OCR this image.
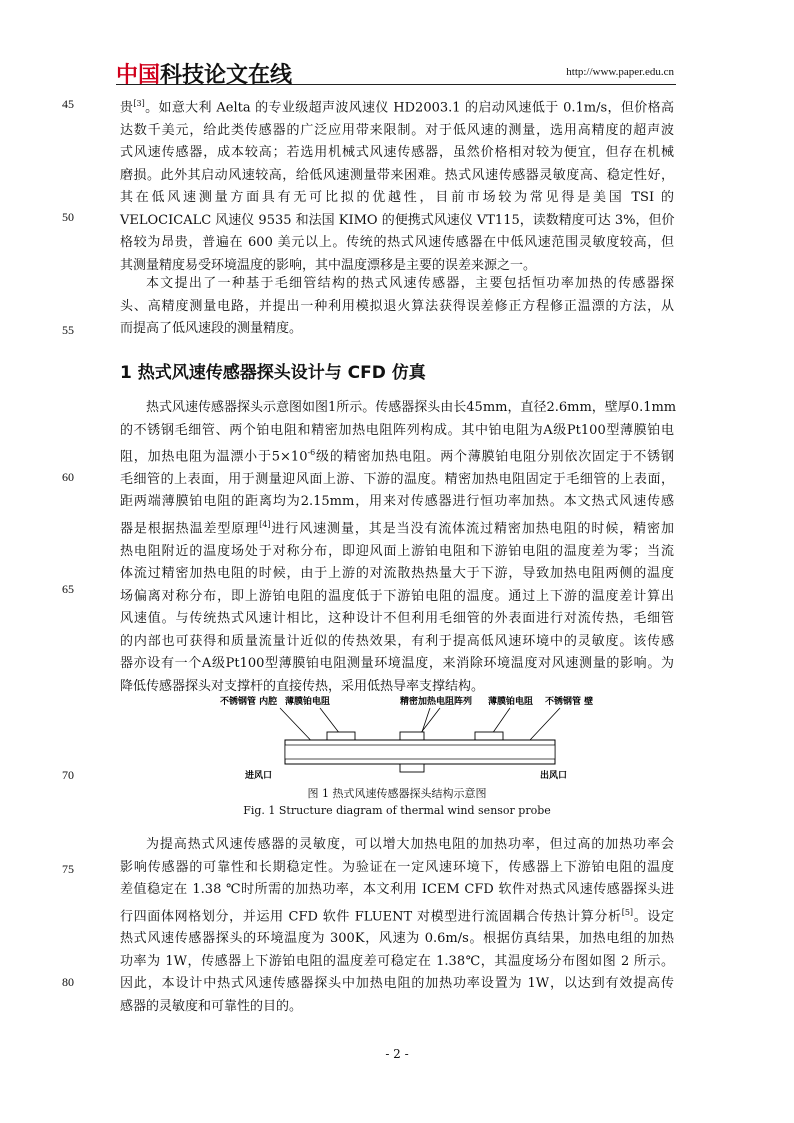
中国科技论文在线	http://www.paper.edu.cn
45
50
55
60
65
70
75
80
贵[3]。如意大利 Aelta 的专业级超声波风速仪 HD2003.1 的启动风速低于 0.1m/s，但价格高
达数千美元，给此类传感器的广泛应用带来限制。对于低风速的测量，选用高精度的超声波
式风速传感器，成本较高；若选用机械式风速传感器，虽然价格相对较为便宜，但存在机械
磨损。此外其启动风速较高，给低风速测量带来困难。热式风速传感器灵敏度高、稳定性好，
其在低风速测量方面具有无可比拟的优越性，目前市场较为常见得是美国 TSI 的
VELOCICALC 风速仪 9535 和法国 KIMO 的便携式风速仪 VT115，读数精度可达 3%，但价
格较为昂贵，普遍在 600 美元以上。传统的热式风速传感器在中低风速范围灵敏度较高，但
其测量精度易受环境温度的影响，其中温度漂移是主要的误差来源之一。
本文提出了一种基于毛细管结构的热式风速传感器，主要包括恒功率加热的传感器探
头、高精度测量电路，并提出一种利用模拟退火算法获得误差修正方程修正温漂的方法，从
而提高了低风速段的测量精度。
1 热式风速传感器探头设计与 CFD 仿真
热式风速传感器探头示意图如图1所示。传感器探头由长45mm，直径2.6mm，壁厚0.1mm
的不锈钢毛细管、两个铂电阻和精密加热电阻阵列构成。其中铂电阻为A级Pt100型薄膜铂电
阻，加热电阻为温漂小于$5\times 10^{-6}$级的精密加热电阻。两个薄膜铂电阻分别依次固定于不锈钢
毛细管的上表面，用于测量迎风面上游、下游的温度。精密加热电阻固定于毛细管的上表面，
距两端薄膜铂电阻的距离均为2.15mm，用来对传感器进行恒功率加热。本文热式风速传感
器是根据热温差型原理[4]进行风速测量，其是当没有流体流过精密加热电阻的时候，精密加
热电阻附近的温度场处于对称分布，即迎风面上游铂电阻和下游铂电阻的温度差为零；当流
体流过精密加热电阻的时候，由于上游的对流散热热量大于下游，导致加热电阻两侧的温度
场偏离对称分布，即上游铂电阻的温度低于下游铂电阻的温度。通过上下游的温度差计算出
风速值。与传统热式风速计相比，这种设计不但利用毛细管的外表面进行对流传热，毛细管
的内部也可获得和质量流量计近似的传热效果，有利于提高低风速环境中的灵敏度。该传感
器亦设有一个A级Pt100型薄膜铂电阻测量环境温度，来消除环境温度对风速测量的影响。为
降低传感器探头对支撑杆的直接传热，采用低热导率支撑结构。
不锈钢管 内腔 薄膜铂电阻	精密加热电阻阵列 薄膜铂电阻 不锈钢管 壁
进风口	出风口
图 1 热式风速传感器探头结构示意图
Fig. 1 Structure diagram of thermal wind sensor probe
为提高热式风速传感器的灵敏度，可以增大加热电阻的加热功率，但过高的加热功率会
影响传感器的可靠性和长期稳定性。为验证在一定风速环境下，传感器上下游铂电阻的温度
差值稳定在 1.38 ℃时所需的加热功率，本文利用 ICEM CFD 软件对热式风速传感器探头进
行四面体网格划分，并运用 CFD 软件 FLUENT 对模型进行流固耦合传热计算分析[5]。设定
热式风速传感器探头的环境温度为 300K，风速为 0.6m/s。根据仿真结果，加热电组的加热
功率为 1W，传感器上下游铂电阻的温度差可稳定在 1.38℃，其温度场分布图如图 2 所示。
因此，本设计中热式风速传感器探头中加热电阻的加热功率设置为 1W，以达到有效提高传
感器的灵敏度和可靠性的目的。
- 2 -
